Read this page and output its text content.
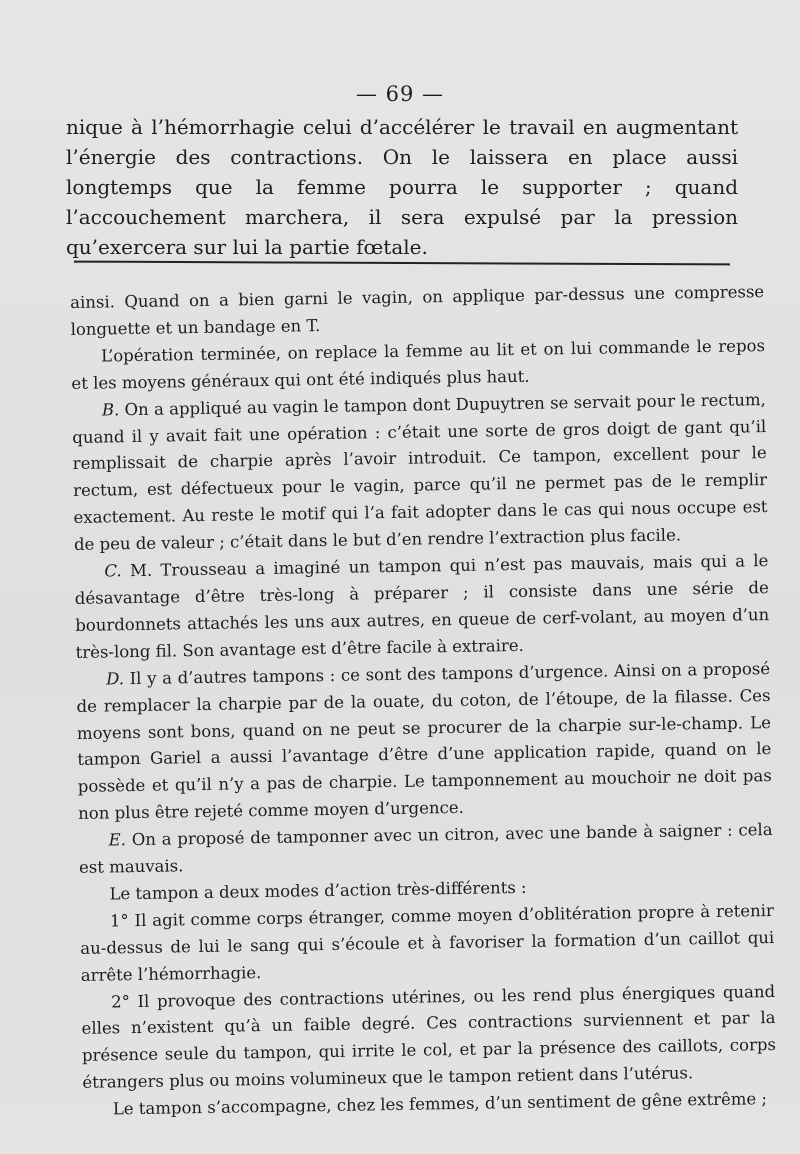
— 69 —

nique à l’hémorrhagie celui d’accélérer le travail en augmentant l’énergie des contractions. On le laissera en place aussi longtemps que la femme pourra le supporter ; quand l’accouchement marchera, il sera expulsé par la pression qu’exercera sur lui la partie fœtale.

ainsi. Quand on a bien garni le vagin, on applique par-dessus une compresse longuette et un bandage en T.

L’opération terminée, on replace la femme au lit et on lui commande le repos et les moyens généraux qui ont été indiqués plus haut.

B. On a appliqué au vagin le tampon dont Dupuytren se servait pour le rectum, quand il y avait fait une opération : c’était une sorte de gros doigt de gant qu’il remplissait de charpie après l’avoir introduit. Ce tampon, excellent pour le rectum, est défectueux pour le vagin, parce qu’il ne permet pas de le remplir exactement. Au reste le motif qui l’a fait adopter dans le cas qui nous occupe est de peu de valeur ; c’était dans le but d’en rendre l’extraction plus facile.

C. M. Trousseau a imaginé un tampon qui n’est pas mauvais, mais qui a le désavantage d’être très-long à préparer ; il consiste dans une série de bourdonnets attachés les uns aux autres, en queue de cerf-volant, au moyen d’un très-long fil. Son avantage est d’être facile à extraire.

D. Il y a d’autres tampons : ce sont des tampons d’urgence. Ainsi on a proposé de remplacer la charpie par de la ouate, du coton, de l’étoupe, de la filasse. Ces moyens sont bons, quand on ne peut se procurer de la charpie sur-le-champ. Le tampon Gariel a aussi l’avantage d’être d’une application rapide, quand on le possède et qu’il n’y a pas de charpie. Le tamponnement au mouchoir ne doit pas non plus être rejeté comme moyen d’urgence.

E. On a proposé de tamponner avec un citron, avec une bande à saigner : cela est mauvais.

Le tampon a deux modes d’action très-différents :

1° Il agit comme corps étranger, comme moyen d’oblitération propre à retenir au-dessus de lui le sang qui s’écoule et à favoriser la formation d’un caillot qui arrête l’hémorrhagie.

2° Il provoque des contractions utérines, ou les rend plus énergiques quand elles n’existent qu’à un faible degré. Ces contractions surviennent et par la présence seule du tampon, qui irrite le col, et par la présence des caillots, corps étrangers plus ou moins volumineux que le tampon retient dans l’utérus.

Le tampon s’accompagne, chez les femmes, d’un sentiment de gêne extrême ;
